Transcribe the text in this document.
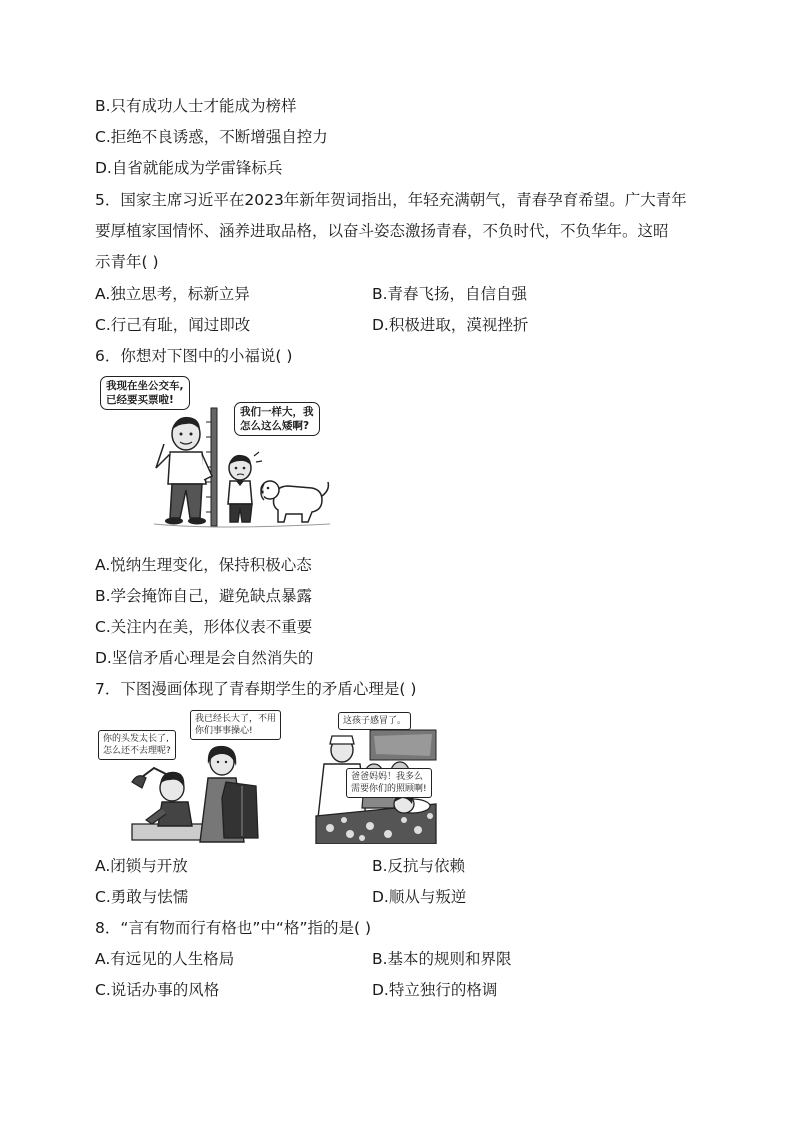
B.只有成功人士才能成为榜样
C.拒绝不良诱惑，不断增强自控力
D.自省就能成为学雷锋标兵
5．国家主席习近平在2023年新年贺词指出，年轻充满朝气，青春孕育希望。广大青年
要厚植家国情怀、涵养进取品格，以奋斗姿态激扬青春，不负时代，不负华年。这昭
示青年( )
A.独立思考，标新立异	B.青春飞扬，自信自强
C.行己有耻，闻过即改	D.积极进取，漠视挫折
6．你想对下图中的小福说( )
我现在坐公交车,
已经要买票啦!
我们一样大，我
怎么这么矮啊?
A.悦纳生理变化，保持积极心态
B.学会掩饰自己，避免缺点暴露
C.关注内在美，形体仪表不重要
D.坚信矛盾心理是会自然消失的
7．下图漫画体现了青春期学生的矛盾心理是( )
你的头发太长了,
怎么还不去理呢?
我已经长大了，不用
你们事事操心!
这孩子感冒了。
爸爸妈妈！我多么
需要你们的照顾啊!
A.闭锁与开放	B.反抗与依赖
C.勇敢与怯懦	D.顺从与叛逆
8．“言有物而行有格也”中“格”指的是( )
A.有远见的人生格局	B.基本的规则和界限
C.说话办事的风格	D.特立独行的格调
